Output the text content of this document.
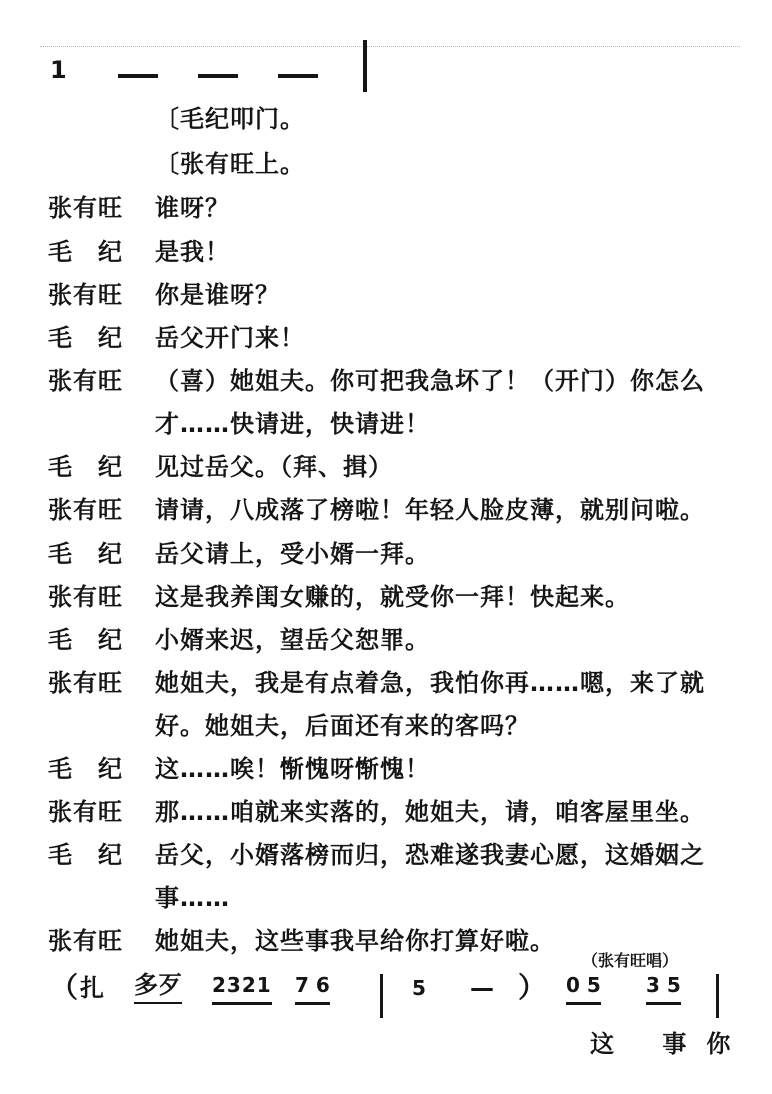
1
〔毛纪叩门。
〔张有旺上。
张有旺 谁呀？
毛　纪 是我！
张有旺 你是谁呀？
毛　纪 岳父开门来！
张有旺 （喜）她姐夫。你可把我急坏了！（开门）你怎么
才……快请进，快请进！
毛　纪 见过岳父。（拜、揖）
张有旺 请请，八成落了榜啦！年轻人脸皮薄，就别问啦。
毛　纪 岳父请上，受小婿一拜。
张有旺 这是我养闺女赚的，就受你一拜！快起来。
毛　纪 小婿来迟，望岳父恕罪。
张有旺 她姐夫，我是有点着急，我怕你再……嗯，来了就
好。她姐夫，后面还有来的客吗？
毛　纪 这……唉！惭愧呀惭愧！
张有旺 那……咱就来实落的，她姐夫，请，咱客屋里坐。
毛　纪 岳父，小婿落榜而归，恐难遂我妻心愿，这婚姻之
事……
张有旺 她姐夫，这些事我早给你打算好啦。
（张有旺唱）
（ 扎 多歹 2321 7 6	5 — ） 0 5 3 5
这 事你
